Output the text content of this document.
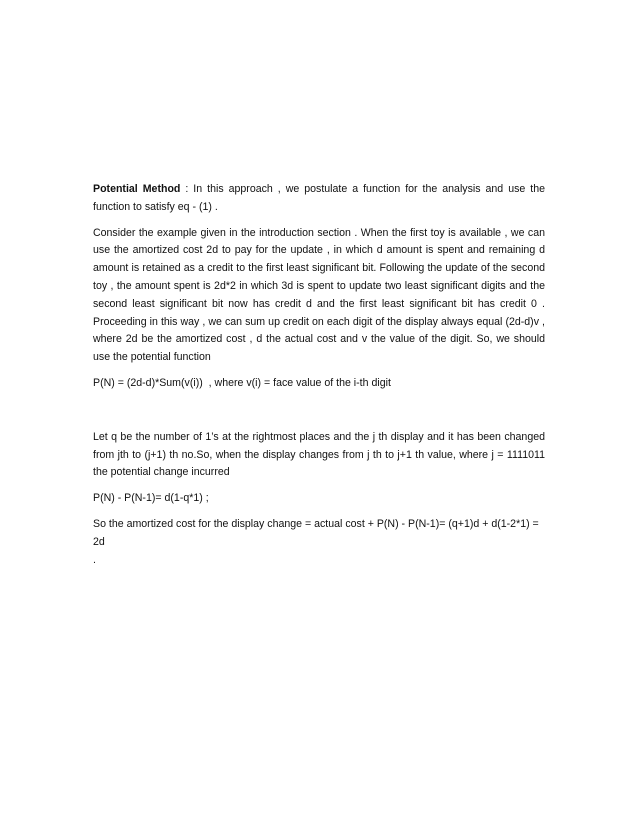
Potential Method : In this approach , we postulate a function for the analysis and use the function to satisfy eq - (1) .

Consider the example given in the introduction section . When the first toy is available , we can use the amortized cost 2d to pay for the update , in which d amount is spent and remaining d amount is retained as a credit to the first least significant bit. Following the update of the second toy , the amount spent is 2d*2 in which 3d is spent to update two least significant digits and the second least significant bit now has credit d and the first least significant bit has credit 0 . Proceeding in this way , we can sum up credit on each digit of the display always equal (2d-d)v , where 2d be the amortized cost , d the actual cost and v the value of the digit. So, we should use the potential function

P(N) = (2d-d)*Sum(v(i))  , where v(i) = face value of the i-th digit

Let q be the number of 1’s at the rightmost places and the j th display and it has been changed from jth to (j+1) th no.So, when the display changes from j th to j+1 th value, where j = 1111011 the potential change incurred

P(N) - P(N-1)= d(1-q*1) ;

So the amortized cost for the display change = actual cost + P(N) - P(N-1)= (q+1)d + d(1-2*1) = 2d

.
